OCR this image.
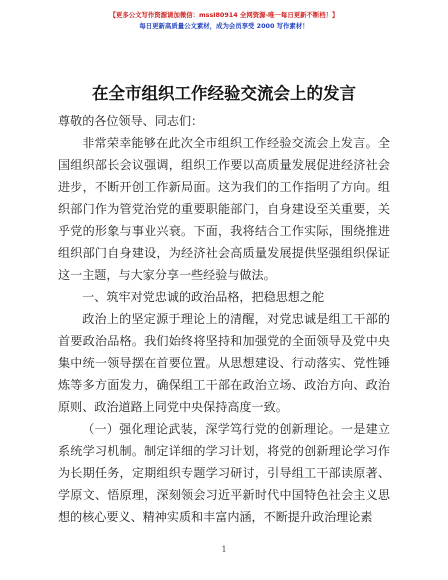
【更多公文写作资源请加微信：mssl80914 全网资源-唯一每日更新不断档！】
每日更新高质量公文素材，成为会员享受 2000 写作素材！
在全市组织工作经验交流会上的发言

尊敬的各位领导、同志们：

非常荣幸能够在此次全市组织工作经验交流会上发言。全国组织部长会议强调，组织工作要以高质量发展促进经济社会进步，不断开创工作新局面。这为我们的工作指明了方向。组织部门作为管党治党的重要职能部门，自身建设至关重要，关乎党的形象与事业兴衰。下面，我将结合工作实际，围绕推进组织部门自身建设，为经济社会高质量发展提供坚强组织保证这一主题，与大家分享一些经验与做法。

一、筑牢对党忠诚的政治品格，把稳思想之舵

政治上的坚定源于理论上的清醒，对党忠诚是组工干部的首要政治品格。我们始终将坚持和加强党的全面领导及党中央集中统一领导摆在首要位置。从思想建设、行动落实、党性锤炼等多方面发力，确保组工干部在政治立场、政治方向、政治原则、政治道路上同党中央保持高度一致。

（一）强化理论武装，深学笃行党的创新理论。一是建立系统学习机制。制定详细的学习计划，将党的创新理论学习作为长期任务，定期组织专题学习研讨，引导组工干部读原著、学原文、悟原理，深刻领会习近平新时代中国特色社会主义思想的核心要义、精神实质和丰富内涵，不断提升政治理论素

1
